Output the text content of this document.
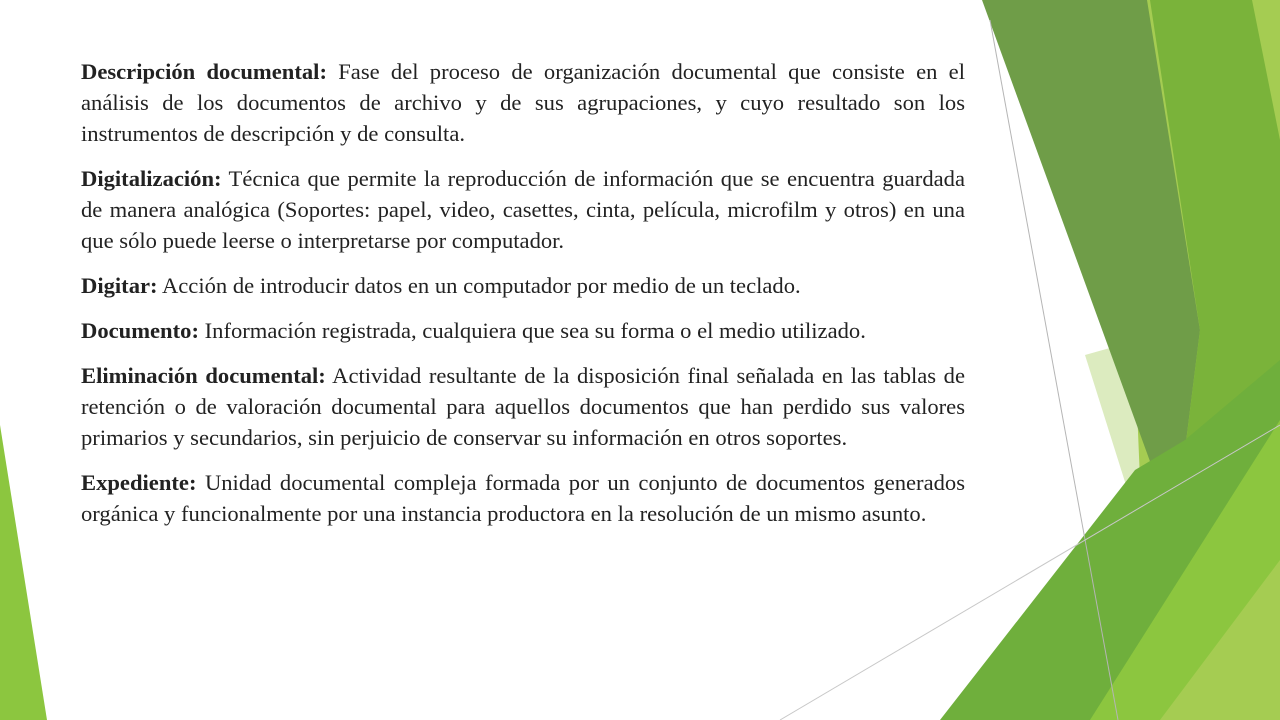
Descripción documental: Fase del proceso de organización documental que consiste en el análisis de los documentos de archivo y de sus agrupaciones, y cuyo resultado son los instrumentos de descripción y de consulta.

Digitalización: Técnica que permite la reproducción de información que se encuentra guardada de manera analógica (Soportes: papel, video, casettes, cinta, película, microfilm y otros) en una que sólo puede leerse o interpretarse por computador.

Digitar: Acción de introducir datos en un computador por medio de un teclado.

Documento: Información registrada, cualquiera que sea su forma o el medio utilizado.

Eliminación documental: Actividad resultante de la disposición final señalada en las tablas de retención o de valoración documental para aquellos documentos que han perdido sus valores primarios y secundarios, sin perjuicio de conservar su información en otros soportes.

Expediente: Unidad documental compleja formada por un conjunto de documentos generados orgánica y funcionalmente por una instancia productora en la resolución de un mismo asunto.
